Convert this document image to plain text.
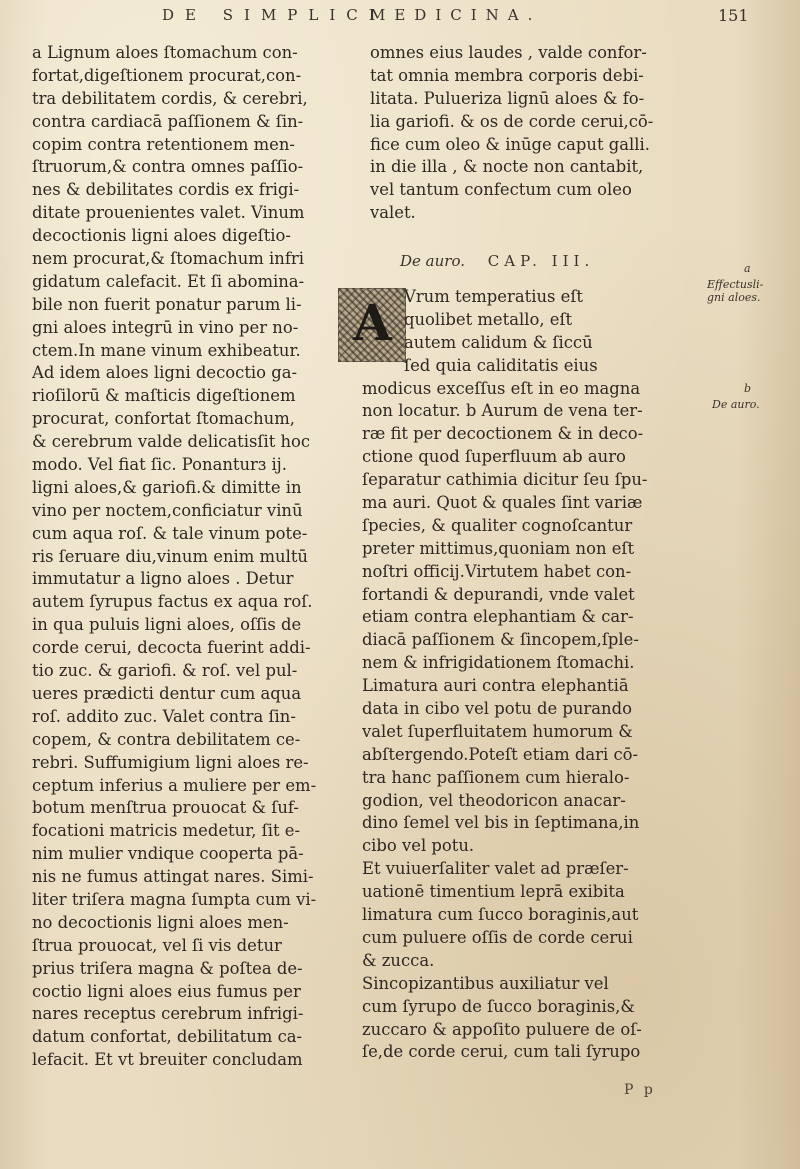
DE SIMPLICI
MEDICINA.	151
a Lignum aloes ſtomachum con-
fortat,digeſtionem procurat,con-
tra debilitatem cordis, & cerebri,
contra cardiacā paſſionem & ſin-
copim contra retentionem men-
ſtruorum,& contra omnes paſſio-
nes & debilitates cordis ex frigi-
ditate prouenientes valet. Vinum
decoctionis ligni aloes digeſtio-
nem procurat,& ſtomachum infri
gidatum calefacit. Et ſi abomina-
bile non fuerit ponatur parum li-
gni aloes integrū in vino per no-
ctem.In mane vinum exhibeatur.
Ad idem aloes ligni decoctio ga-
rioſilorū & maſticis digeſtionem
procurat, confortat ſtomachum,
& cerebrum valde delicatisſit hoc
modo. Vel fiat ſic. Ponanturɜ ij.
ligni aloes,& gariofi.& dimitte in
vino per noctem,conficiatur vinū
cum aqua roſ. & tale vinum pote-
ris ſeruare diu,vinum enim multū
immutatur a ligno aloes . Detur
autem ſyrupus factus ex aqua roſ.
in qua puluis ligni aloes, oſſis de
corde cerui, decocta fuerint addi-
tio zuc. & gariofi. & roſ. vel pul-
ueres prædicti dentur cum aqua
roſ. addito zuc. Valet contra ſin-
copem, & contra debilitatem ce-
rebri. Suffumigium ligni aloes re-
ceptum inferius a muliere per em-
botum menſtrua prouocat & ſuf-
focationi matricis medetur, ſit e-
nim mulier vndique cooperta pā-
nis ne fumus attingat nares. Simi-
liter triſera magna ſumpta cum vi-
no decoctionis ligni aloes men-
ſtrua prouocat, vel ſi vis detur
prius triſera magna & poſtea de-
coctio ligni aloes eius fumus per
nares receptus cerebrum infrigi-
datum confortat, debilitatum ca-
lefacit. Et vt breuiter concludam
omnes eius laudes , valde confor-
tat omnia membra corporis debi-
litata. Pulueriza lignū aloes & fo-
lia gariofi. & os de corde cerui,cō-
fice cum oleo & inūge caput galli.
in die illa , & nocte non cantabit,
vel tantum confectum cum oleo
valet.
De auro. CAP. III.
A Vrum temperatius eſt
quolibet metallo, eſt
autem calidum & ſiccū
ſed quia caliditatis eius
modicus exceſſus eſt in eo magna
non locatur. b Aurum de vena ter-
ræ fit per decoctionem & in deco-
ctione quod ſuperfluum ab auro
ſeparatur cathimia dicitur ſeu ſpu-
ma auri. Quot & quales ſint variæ
ſpecies, & qualiter cognoſcantur
preter mittimus,quoniam non eſt
noſtri officij.Virtutem habet con-
fortandi & depurandi, vnde valet
etiam contra elephantiam & car-
diacā paſſionem & ſincopem,ſple-
nem & infrigidationem ſtomachi.
Limatura auri contra elephantiā
data in cibo vel potu de purando
valet ſuperfluitatem humorum &
abſtergendo.Poteſt etiam dari cō-
tra hanc paſſionem cum hieralo-
godion, vel theodoricon anacar-
dino ſemel vel bis in ſeptimana,in
cibo vel potu.
Et vuiuerſaliter valet ad præſer-
uationē timentium leprā exibita
limatura cum ſucco boraginis,aut
cum puluere oſſis de corde cerui
& zucca.
Sincopizantibus auxiliatur vel
cum ſyrupo de ſucco boraginis,&
zuccaro & appoſito puluere de oſ-
ſe,de corde cerui, cum tali ſyrupo
a
Effectusli- gni aloes.
b
De auro.
P p
